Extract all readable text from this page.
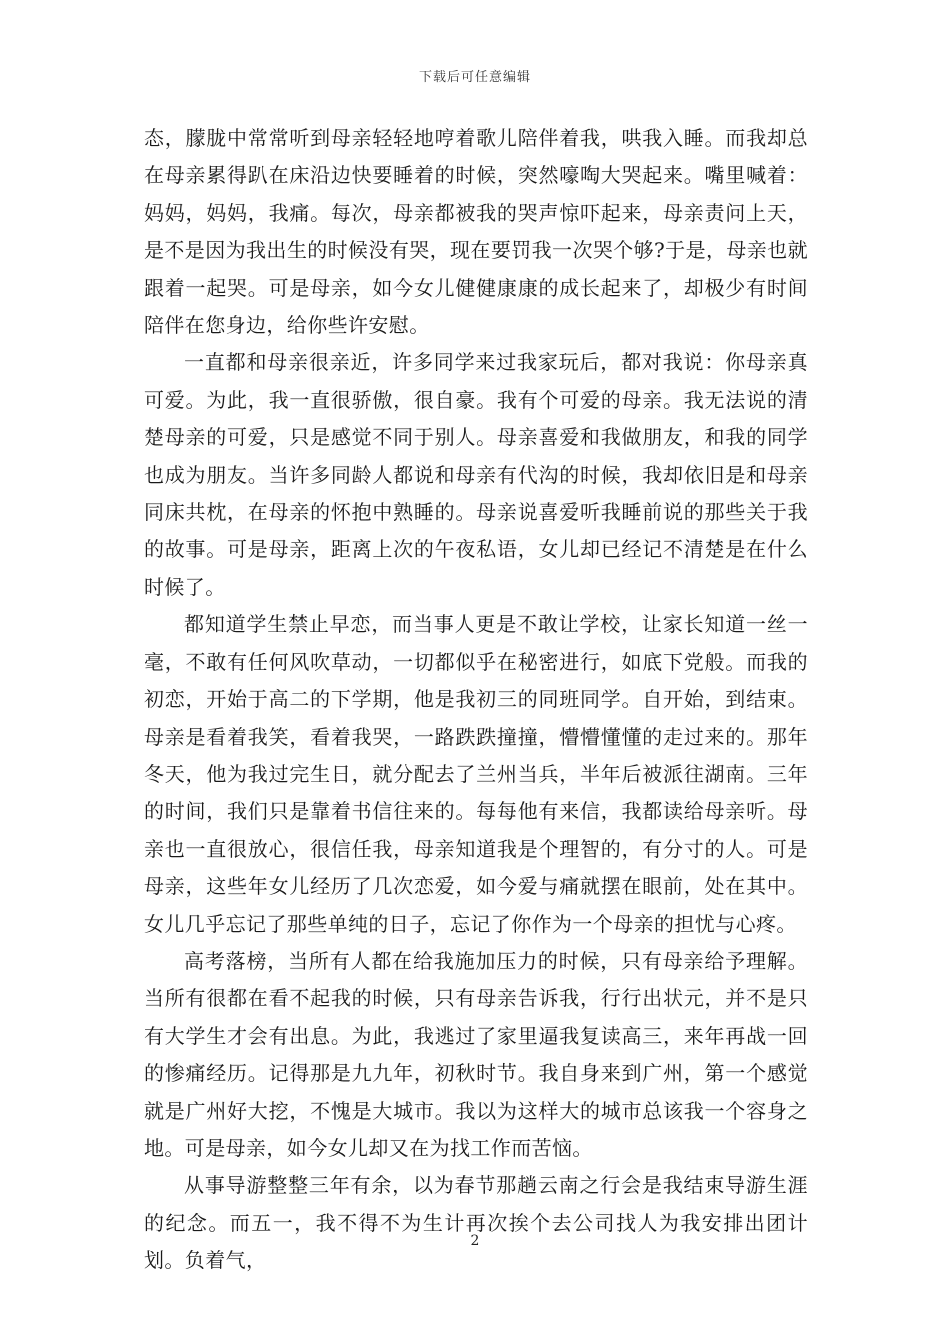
下载后可任意编辑

态，朦胧中常常听到母亲轻轻地哼着歌儿陪伴着我，哄我入睡。而我却总在母亲累得趴在床沿边快要睡着的时候，突然嚎啕大哭起来。嘴里喊着：妈妈，妈妈，我痛。每次，母亲都被我的哭声惊吓起来，母亲责问上天，是不是因为我出生的时候没有哭，现在要罚我一次哭个够?于是，母亲也就跟着一起哭。可是母亲，如今女儿健健康康的成长起来了，却极少有时间陪伴在您身边，给你些许安慰。

一直都和母亲很亲近，许多同学来过我家玩后，都对我说：你母亲真可爱。为此，我一直很骄傲，很自豪。我有个可爱的母亲。我无法说的清楚母亲的可爱，只是感觉不同于别人。母亲喜爱和我做朋友，和我的同学也成为朋友。当许多同龄人都说和母亲有代沟的时候，我却依旧是和母亲同床共枕，在母亲的怀抱中熟睡的。母亲说喜爱听我睡前说的那些关于我的故事。可是母亲，距离上次的午夜私语，女儿却已经记不清楚是在什么时候了。

都知道学生禁止早恋，而当事人更是不敢让学校，让家长知道一丝一毫，不敢有任何风吹草动，一切都似乎在秘密进行，如底下党般。而我的初恋，开始于高二的下学期，他是我初三的同班同学。自开始，到结束。母亲是看着我笑，看着我哭，一路跌跌撞撞，懵懵懂懂的走过来的。那年冬天，他为我过完生日，就分配去了兰州当兵，半年后被派往湖南。三年的时间，我们只是靠着书信往来的。每每他有来信，我都读给母亲听。母亲也一直很放心，很信任我，母亲知道我是个理智的，有分寸的人。可是母亲，这些年女儿经历了几次恋爱，如今爱与痛就摆在眼前，处在其中。女儿几乎忘记了那些单纯的日子，忘记了你作为一个母亲的担忧与心疼。

高考落榜，当所有人都在给我施加压力的时候，只有母亲给予理解。当所有很都在看不起我的时候，只有母亲告诉我，行行出状元，并不是只有大学生才会有出息。为此，我逃过了家里逼我复读高三，来年再战一回的惨痛经历。记得那是九九年，初秋时节。我自身来到广州，第一个感觉就是广州好大挖，不愧是大城市。我以为这样大的城市总该我一个容身之地。可是母亲，如今女儿却又在为找工作而苦恼。

从事导游整整三年有余，以为春节那趟云南之行会是我结束导游生涯的纪念。而五一，我不得不为生计再次挨个去公司找人为我安排出团计划。负着气，

2
